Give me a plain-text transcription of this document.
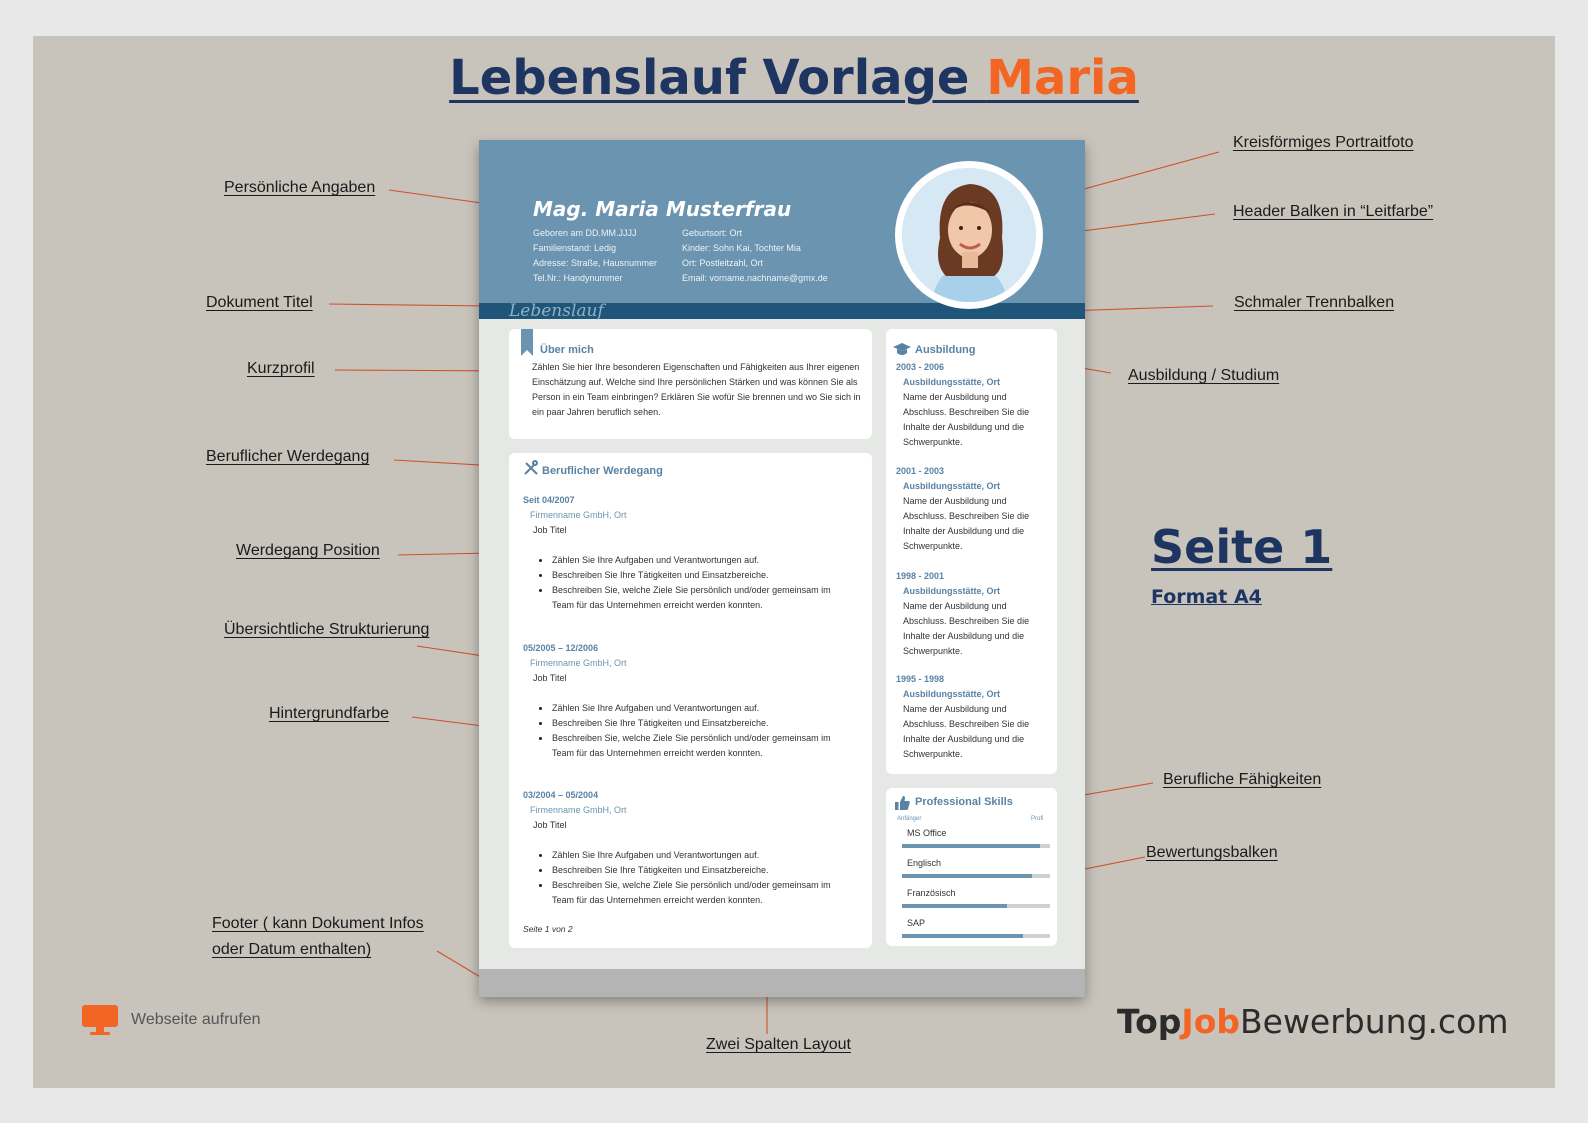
Lebenslauf Vorlage Maria
Persönliche Angaben
Dokument Titel
Kurzprofil
Beruflicher Werdegang
Werdegang Position
Übersichtliche Strukturierung
Hintergrundfarbe
Footer ( kann Dokument Infos
oder Datum enthalten)
Kreisförmiges Portraitfoto
Header Balken in “Leitfarbe”
Schmaler Trennbalken
Ausbildung / Studium
Berufliche Fähigkeiten
Bewertungsbalken
Zwei Spalten Layout
Lebenslauf
Mag. Maria Musterfrau
Geboren am DD.MM.JJJJ
Familienstand: Ledig
Adresse: Straße, Hausnummer
Tel.Nr.: Handynummer
Geburtsort: Ort
Kinder: Sohn Kai, Tochter Mia
Ort: Postleitzahl, Ort
Email: vorname.nachname@gmx.de
Über mich
Zählen Sie hier Ihre besonderen Eigenschaften und Fähigkeiten aus Ihrer eigenen Einschätzung auf. Welche sind Ihre persönlichen Stärken und was können Sie als Person in ein Team einbringen? Erklären Sie wofür Sie brennen und wo Sie sich in ein paar Jahren beruflich sehen.
Beruflicher Werdegang
Seit 04/2007
Firmenname GmbH, Ort
Job Titel
Zählen Sie Ihre Aufgaben und Verantwortungen auf.
Beschreiben Sie Ihre Tätigkeiten und Einsatzbereiche.
Beschreiben Sie, welche Ziele Sie persönlich und/oder gemeinsam im Team für das Unternehmen erreicht werden konnten.
05/2005 – 12/2006
Firmenname GmbH, Ort
Job Titel
Zählen Sie Ihre Aufgaben und Verantwortungen auf.
Beschreiben Sie Ihre Tätigkeiten und Einsatzbereiche.
Beschreiben Sie, welche Ziele Sie persönlich und/oder gemeinsam im Team für das Unternehmen erreicht werden konnten.
03/2004 – 05/2004
Firmenname GmbH, Ort
Job Titel
Zählen Sie Ihre Aufgaben und Verantwortungen auf.
Beschreiben Sie Ihre Tätigkeiten und Einsatzbereiche.
Beschreiben Sie, welche Ziele Sie persönlich und/oder gemeinsam im Team für das Unternehmen erreicht werden konnten.
Seite 1 von 2
Ausbildung
2003 - 2006
Ausbildungsstätte, Ort
Name der Ausbildung und Abschluss. Beschreiben Sie die Inhalte der Ausbildung und die Schwerpunkte.
2001 - 2003
Ausbildungsstätte, Ort
Name der Ausbildung und Abschluss. Beschreiben Sie die Inhalte der Ausbildung und die Schwerpunkte.
1998 - 2001
Ausbildungsstätte, Ort
Name der Ausbildung und Abschluss. Beschreiben Sie die Inhalte der Ausbildung und die Schwerpunkte.
1995 - 1998
Ausbildungsstätte, Ort
Name der Ausbildung und Abschluss. Beschreiben Sie die Inhalte der Ausbildung und die Schwerpunkte.
Professional Skills
Anfänger	Profi
MS Office
Englisch
Französisch
SAP
Seite 1
Format A4
Webseite aufrufen	TopJobBewerbung.com
